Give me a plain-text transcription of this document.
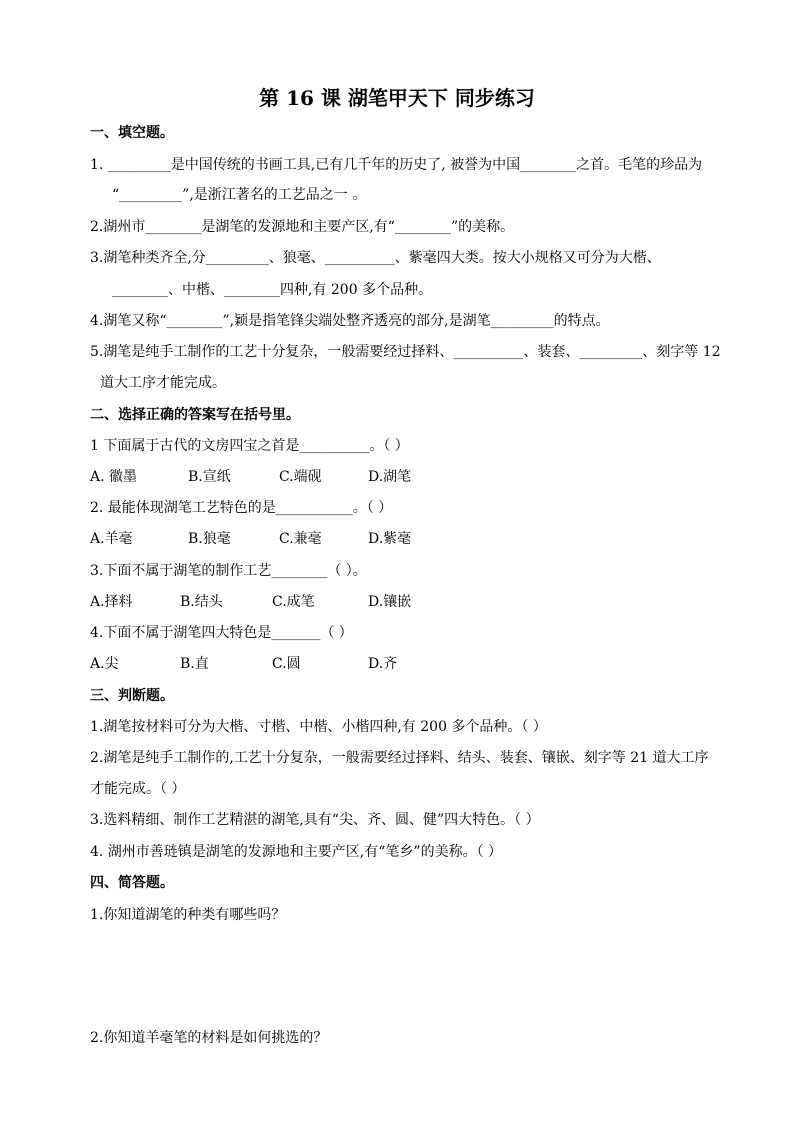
第 16 课 湖笔甲天下 同步练习
一、填空题。
1. _________是中国传统的书画工具,已有几千年的历史了, 被誉为中国________之首。毛笔的珍品为
“_________”,是浙江著名的工艺品之一 。
2.湖州市________是湖笔的发源地和主要产区,有“________”的美称。
3.湖笔种类齐全,分_________、狼毫、__________、紫毫四大类。按大小规格又可分为大楷、
________、中楷、________四种,有 200 多个品种。
4.湖笔又称“________”,颖是指笔锋尖端处整齐透亮的部分,是湖笔_________的特点。
5.湖笔是纯手工制作的工艺十分复杂，一般需要经过择料、__________、装套、_________、刻字等 12
道大工序才能完成。
二、选择正确的答案写在括号里。
1 下面属于古代的文房四宝之首是__________。（ ）
A. 徽墨	B.宣纸	C.端砚	D.湖笔
2. 最能体现湖笔工艺特色的是___________。（ ）
A.羊毫	B.狼毫	C.兼毫	D.紫毫
3.下面不属于湖笔的制作工艺________（ ）。
A.择料	B.结头	C.成笔	D.镶嵌
4.下面不属于湖笔四大特色是_______（ ）
A.尖	B.直	C.圆	D.齐
三、判断题。
1.湖笔按材料可分为大楷、寸楷、中楷、小楷四种,有 200 多个品种。（ ）
2.湖笔是纯手工制作的,工艺十分复杂，一般需要经过择料、结头、装套、镶嵌、刻字等 21 道大工序
才能完成。（ ）
3.选料精细、制作工艺精湛的湖笔,具有“尖、齐、圆、健”四大特色。（ ）
4. 湖州市善琏镇是湖笔的发源地和主要产区,有“笔乡”的美称。（ ）
四、简答题。
1.你知道湖笔的种类有哪些吗？
2.你知道羊毫笔的材料是如何挑选的？
